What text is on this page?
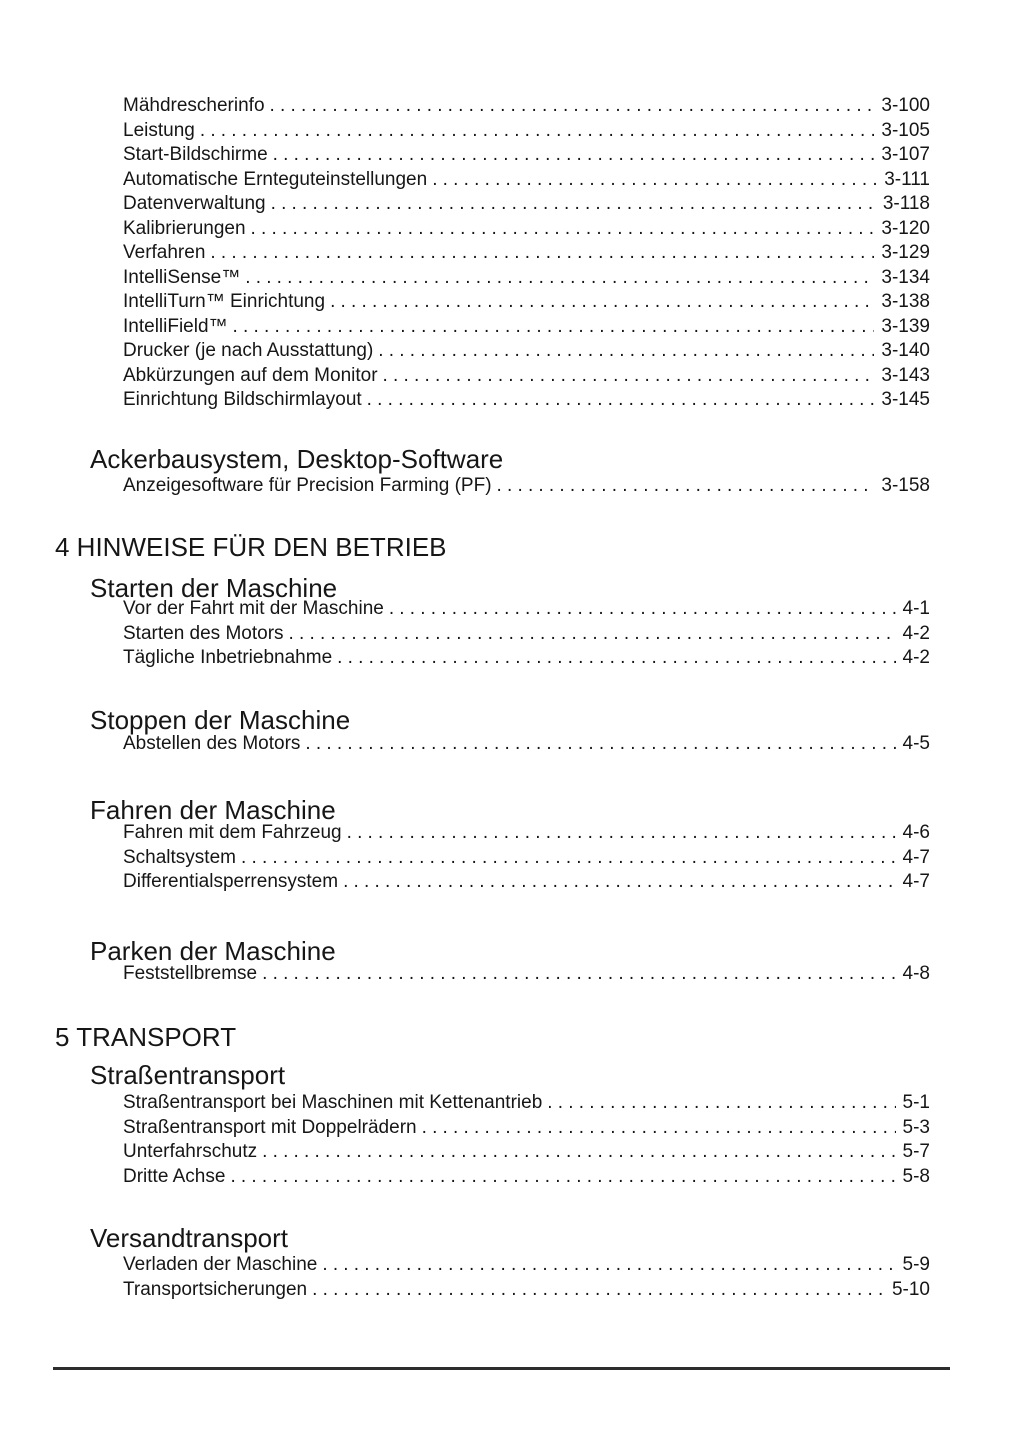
Mähdrescherinfo .....	3-100
Leistung .....	3-105
Start-Bildschirme .....	3-107
Automatische Ernteguteinstellungen .....	3-111
Datenverwaltung .....	3-118
Kalibrierungen .....	3-120
Verfahren .....	3-129
IntelliSense™ .....	3-134
IntelliTurn™ Einrichtung .....	3-138
IntelliField™ .....	3-139
Drucker (je nach Ausstattung) .....	3-140
Abkürzungen auf dem Monitor .....	3-143
Einrichtung Bildschirmlayout .....	3-145
Ackerbausystem, Desktop-Software
Anzeigesoftware für Precision Farming (PF) .....	3-158
4 HINWEISE FÜR DEN BETRIEB
Starten der Maschine
Vor der Fahrt mit der Maschine .....	4-1
Starten des Motors .....	4-2
Tägliche Inbetriebnahme .....	4-2
Stoppen der Maschine
Abstellen des Motors .....	4-5
Fahren der Maschine
Fahren mit dem Fahrzeug .....	4-6
Schaltsystem .....	4-7
Differentialsperrensystem .....	4-7
Parken der Maschine
Feststellbremse .....	4-8
5 TRANSPORT
Straßentransport
Straßentransport bei Maschinen mit Kettenantrieb .....	5-1
Straßentransport mit Doppelrädern .....	5-3
Unterfahrschutz .....	5-7
Dritte Achse .....	5-8
Versandtransport
Verladen der Maschine .....	5-9
Transportsicherungen .....	5-10
